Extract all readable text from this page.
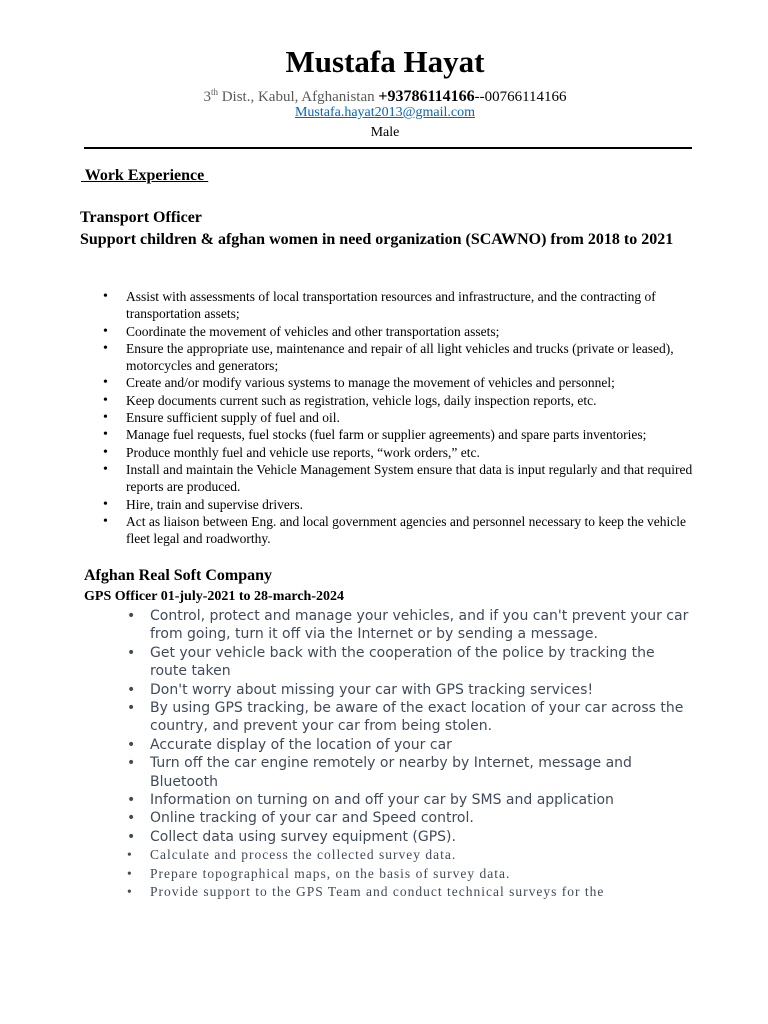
Mustafa Hayat
3th Dist., Kabul, Afghanistan +93786114166--00766114166
Mustafa.hayat2013@gmail.com
Male
Work Experience
Transport Officer
Support children & afghan women in need organization (SCAWNO) from 2018 to 2021
• Assist with assessments of local transportation resources and infrastructure, and the contracting of transportation assets;
• Coordinate the movement of vehicles and other transportation assets;
• Ensure the appropriate use, maintenance and repair of all light vehicles and trucks (private or leased), motorcycles and generators;
• Create and/or modify various systems to manage the movement of vehicles and personnel;
• Keep documents current such as registration, vehicle logs, daily inspection reports, etc.
• Ensure sufficient supply of fuel and oil.
• Manage fuel requests, fuel stocks (fuel farm or supplier agreements) and spare parts inventories;
• Produce monthly fuel and vehicle use reports, “work orders,” etc.
• Install and maintain the Vehicle Management System ensure that data is input regularly and that required reports are produced.
• Hire, train and supervise drivers.
• Act as liaison between Eng. and local government agencies and personnel necessary to keep the vehicle fleet legal and roadworthy.
Afghan Real Soft Company
GPS Officer 01-july-2021 to 28-march-2024
• Control, protect and manage your vehicles, and if you can't prevent your car from going, turn it off via the Internet or by sending a message.
• Get your vehicle back with the cooperation of the police by tracking the route taken
• Don't worry about missing your car with GPS tracking services!
• By using GPS tracking, be aware of the exact location of your car across the country, and prevent your car from being stolen.
• Accurate display of the location of your car
• Turn off the car engine remotely or nearby by Internet, message and Bluetooth
• Information on turning on and off your car by SMS and application
• Online tracking of your car and Speed control.
• Collect data using survey equipment (GPS).
• Calculate and process the collected survey data.
• Prepare topographical maps, on the basis of survey data.
• Provide support to the GPS Team and conduct technical surveys for the
